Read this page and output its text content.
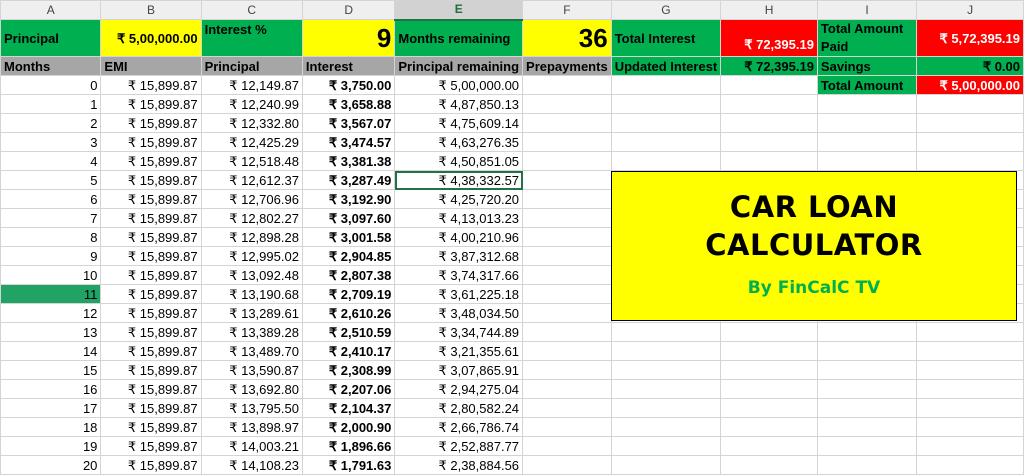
A	B	C	D	E	F	G	H	I	J
Principal	₹ 5,00,000.00	Interest %	9	Months remaining	36	Total Interest	₹ 72,395.19	Total Amount Paid	₹ 5,72,395.19
Months	EMI	Principal	Interest	Principal remaining	Prepayments	Updated Interest	₹ 72,395.19	Savings	₹ 0.00
0	₹ 15,899.87	₹ 12,149.87	₹ 3,750.00	₹ 5,00,000.00				Total Amount	₹ 5,00,000.00
1	₹ 15,899.87	₹ 12,240.99	₹ 3,658.88	₹ 4,87,850.13					
2	₹ 15,899.87	₹ 12,332.80	₹ 3,567.07	₹ 4,75,609.14					
3	₹ 15,899.87	₹ 12,425.29	₹ 3,474.57	₹ 4,63,276.35					
4	₹ 15,899.87	₹ 12,518.48	₹ 3,381.38	₹ 4,50,851.05					
5	₹ 15,899.87	₹ 12,612.37	₹ 3,287.49	₹ 4,38,332.57					
6	₹ 15,899.87	₹ 12,706.96	₹ 3,192.90	₹ 4,25,720.20					
7	₹ 15,899.87	₹ 12,802.27	₹ 3,097.60	₹ 4,13,013.23					
8	₹ 15,899.87	₹ 12,898.28	₹ 3,001.58	₹ 4,00,210.96					
9	₹ 15,899.87	₹ 12,995.02	₹ 2,904.85	₹ 3,87,312.68					
10	₹ 15,899.87	₹ 13,092.48	₹ 2,807.38	₹ 3,74,317.66					
11	₹ 15,899.87	₹ 13,190.68	₹ 2,709.19	₹ 3,61,225.18					
12	₹ 15,899.87	₹ 13,289.61	₹ 2,610.26	₹ 3,48,034.50					
13	₹ 15,899.87	₹ 13,389.28	₹ 2,510.59	₹ 3,34,744.89					
14	₹ 15,899.87	₹ 13,489.70	₹ 2,410.17	₹ 3,21,355.61					
15	₹ 15,899.87	₹ 13,590.87	₹ 2,308.99	₹ 3,07,865.91					
16	₹ 15,899.87	₹ 13,692.80	₹ 2,207.06	₹ 2,94,275.04					
17	₹ 15,899.87	₹ 13,795.50	₹ 2,104.37	₹ 2,80,582.24					
18	₹ 15,899.87	₹ 13,898.97	₹ 2,000.90	₹ 2,66,786.74					
19	₹ 15,899.87	₹ 14,003.21	₹ 1,896.66	₹ 2,52,887.77					
20	₹ 15,899.87	₹ 14,108.23	₹ 1,791.63	₹ 2,38,884.56					
CAR LOAN
CALCULATOR
By FinCalC TV
